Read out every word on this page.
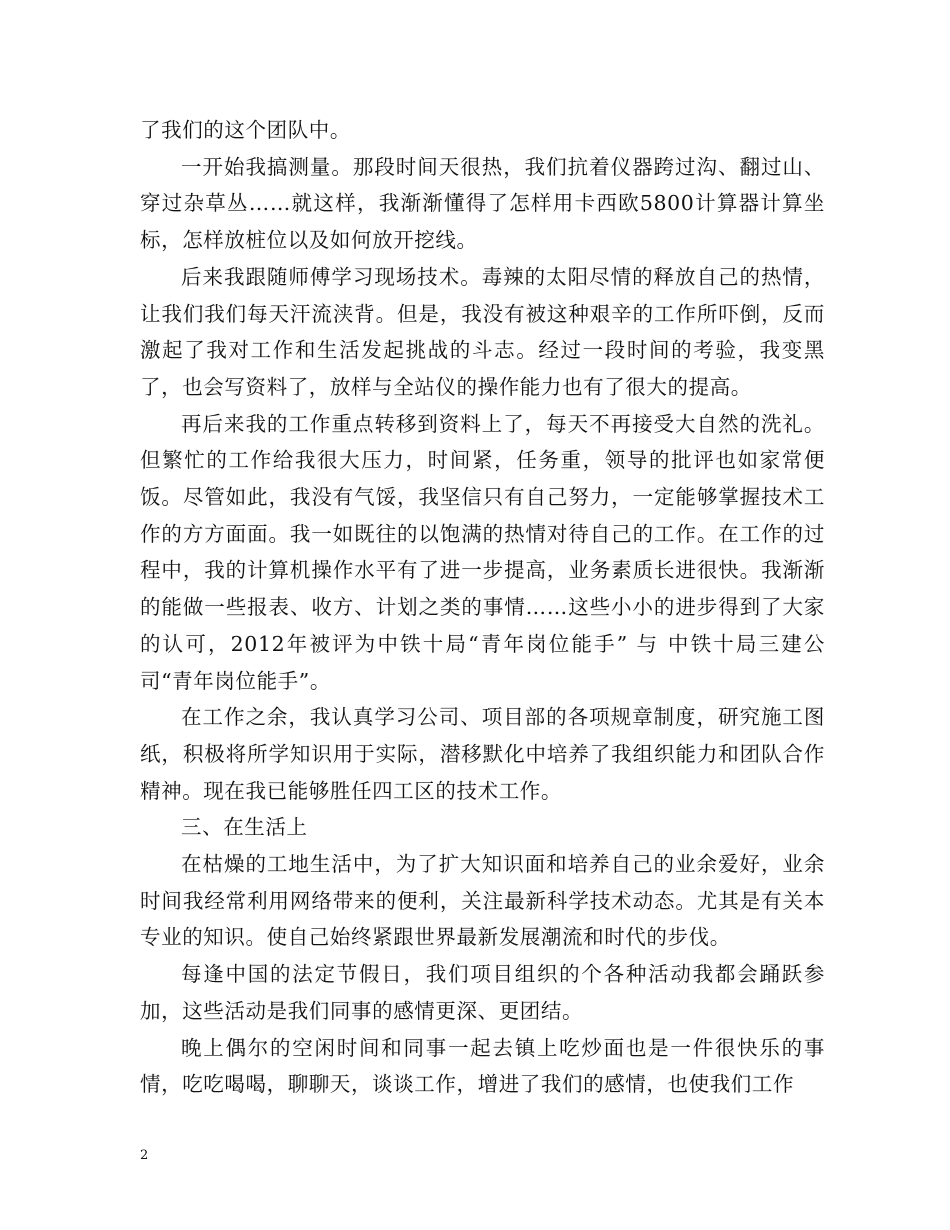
了我们的这个团队中。

一开始我搞测量。那段时间天很热，我们抗着仪器跨过沟、翻过山、穿过杂草丛……就这样，我渐渐懂得了怎样用卡西欧5800计算器计算坐标，怎样放桩位以及如何放开挖线。

后来我跟随师傅学习现场技术。毒辣的太阳尽情的释放自己的热情，让我们我们每天汗流浃背。但是，我没有被这种艰辛的工作所吓倒，反而激起了我对工作和生活发起挑战的斗志。经过一段时间的考验，我变黑了，也会写资料了，放样与全站仪的操作能力也有了很大的提高。

再后来我的工作重点转移到资料上了，每天不再接受大自然的洗礼。但繁忙的工作给我很大压力，时间紧，任务重，领导的批评也如家常便饭。尽管如此，我没有气馁，我坚信只有自己努力，一定能够掌握技术工作的方方面面。我一如既往的以饱满的热情对待自己的工作。在工作的过程中，我的计算机操作水平有了进一步提高，业务素质长进很快。我渐渐的能做一些报表、收方、计划之类的事情……这些小小的进步得到了大家的认可，2012年被评为中铁十局“青年岗位能手” 与 中铁十局三建公司“青年岗位能手”。

在工作之余，我认真学习公司、项目部的各项规章制度，研究施工图纸，积极将所学知识用于实际，潜移默化中培养了我组织能力和团队合作精神。现在我已能够胜任四工区的技术工作。

三、在生活上

在枯燥的工地生活中，为了扩大知识面和培养自己的业余爱好，业余时间我经常利用网络带来的便利，关注最新科学技术动态。尤其是有关本专业的知识。使自己始终紧跟世界最新发展潮流和时代的步伐。

每逢中国的法定节假日，我们项目组织的个各种活动我都会踊跃参加，这些活动是我们同事的感情更深、更团结。

晚上偶尔的空闲时间和同事一起去镇上吃炒面也是一件很快乐的事情，吃吃喝喝，聊聊天，谈谈工作，增进了我们的感情，也使我们工作

2
